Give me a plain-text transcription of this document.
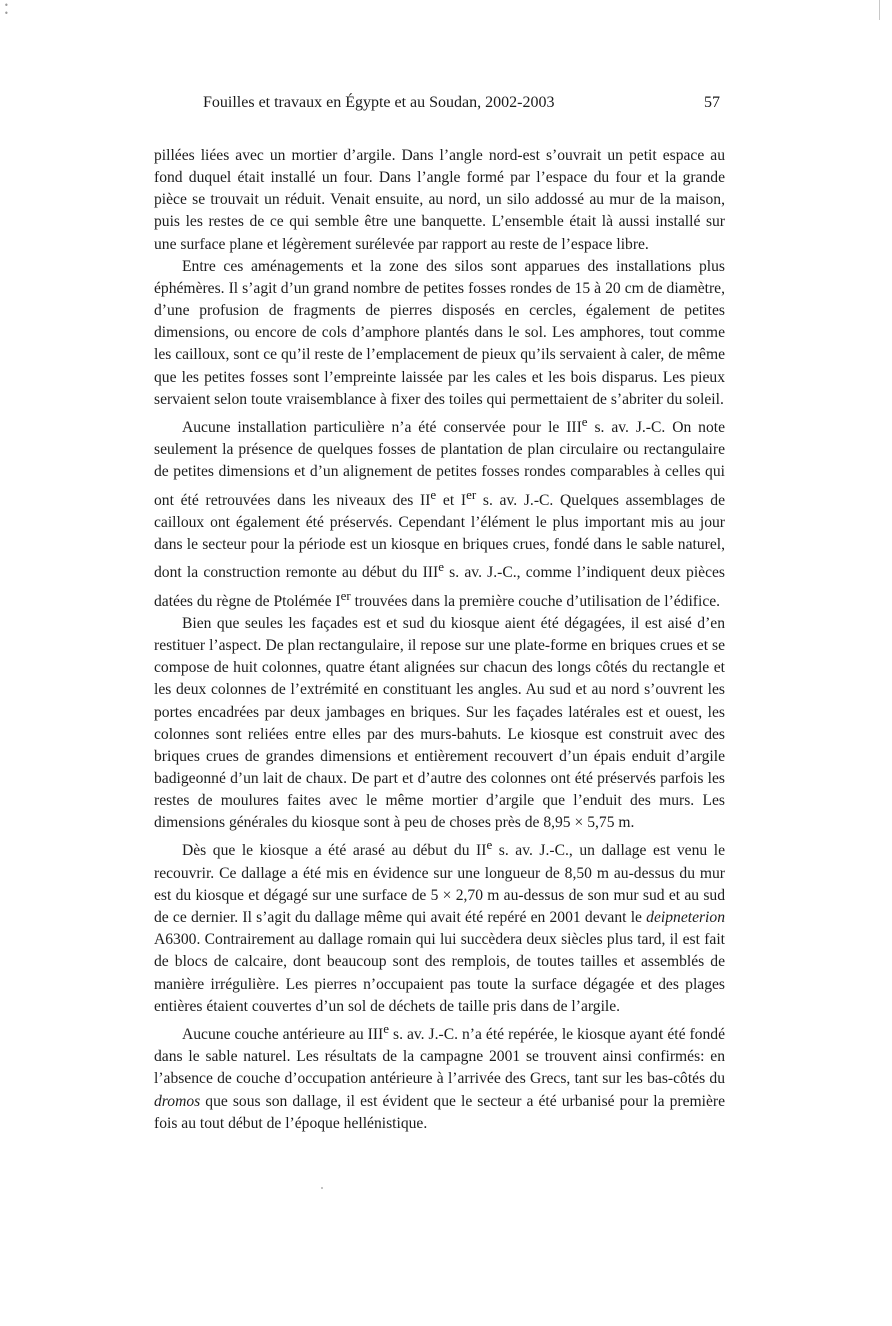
•
•
Fouilles et travaux en Égypte et au Soudan, 2002-2003	57

pillées liées avec un mortier d’argile. Dans l’angle nord-est s’ouvrait un petit espace au fond duquel était installé un four. Dans l’angle formé par l’espace du four et la grande pièce se trouvait un réduit. Venait ensuite, au nord, un silo addossé au mur de la maison, puis les restes de ce qui semble être une banquette. L’ensemble était là aussi installé sur une surface plane et légèrement surélevée par rapport au reste de l’espace libre.

Entre ces aménagements et la zone des silos sont apparues des installations plus éphémères. Il s’agit d’un grand nombre de petites fosses rondes de 15 à 20 cm de diamètre, d’une profusion de fragments de pierres disposés en cercles, également de petites dimensions, ou encore de cols d’amphore plantés dans le sol. Les amphores, tout comme les cailloux, sont ce qu’il reste de l’emplacement de pieux qu’ils servaient à caler, de même que les petites fosses sont l’empreinte laissée par les cales et les bois disparus. Les pieux servaient selon toute vraisemblance à fixer des toiles qui permettaient de s’abriter du soleil.

Aucune installation particulière n’a été conservée pour le IIIe s. av. J.-C. On note seulement la présence de quelques fosses de plantation de plan circulaire ou rectangulaire de petites dimensions et d’un alignement de petites fosses rondes comparables à celles qui ont été retrouvées dans les niveaux des IIe et Ier s. av. J.-C. Quelques assemblages de cailloux ont également été préservés. Cependant l’élément le plus important mis au jour dans le secteur pour la période est un kiosque en briques crues, fondé dans le sable naturel, dont la construction remonte au début du IIIe s. av. J.-C., comme l’indiquent deux pièces datées du règne de Ptolémée Ier trouvées dans la première couche d’utilisation de l’édifice.

Bien que seules les façades est et sud du kiosque aient été dégagées, il est aisé d’en restituer l’aspect. De plan rectangulaire, il repose sur une plate-forme en briques crues et se compose de huit colonnes, quatre étant alignées sur chacun des longs côtés du rectangle et les deux colonnes de l’extrémité en constituant les angles. Au sud et au nord s’ouvrent les portes encadrées par deux jambages en briques. Sur les façades latérales est et ouest, les colonnes sont reliées entre elles par des murs-bahuts. Le kiosque est construit avec des briques crues de grandes dimensions et entièrement recouvert d’un épais enduit d’argile badigeonné d’un lait de chaux. De part et d’autre des colonnes ont été préservés parfois les restes de moulures faites avec le même mortier d’argile que l’enduit des murs. Les dimensions générales du kiosque sont à peu de choses près de 8,95 × 5,75 m.

Dès que le kiosque a été arasé au début du IIe s. av. J.-C., un dallage est venu le recouvrir. Ce dallage a été mis en évidence sur une longueur de 8,50 m au-dessus du mur est du kiosque et dégagé sur une surface de 5 × 2,70 m au-dessus de son mur sud et au sud de ce dernier. Il s’agit du dallage même qui avait été repéré en 2001 devant le deipneterion A6300. Contrairement au dallage romain qui lui succèdera deux siècles plus tard, il est fait de blocs de calcaire, dont beaucoup sont des remplois, de toutes tailles et assemblés de manière irrégulière. Les pierres n’occupaient pas toute la surface dégagée et des plages entières étaient couvertes d’un sol de déchets de taille pris dans de l’argile.

Aucune couche antérieure au IIIe s. av. J.-C. n’a été repérée, le kiosque ayant été fondé dans le sable naturel. Les résultats de la campagne 2001 se trouvent ainsi confirmés: en l’absence de couche d’occupation antérieure à l’arrivée des Grecs, tant sur les bas-côtés du dromos que sous son dallage, il est évident que le secteur a été urbanisé pour la première fois au tout début de l’époque hellénistique.
